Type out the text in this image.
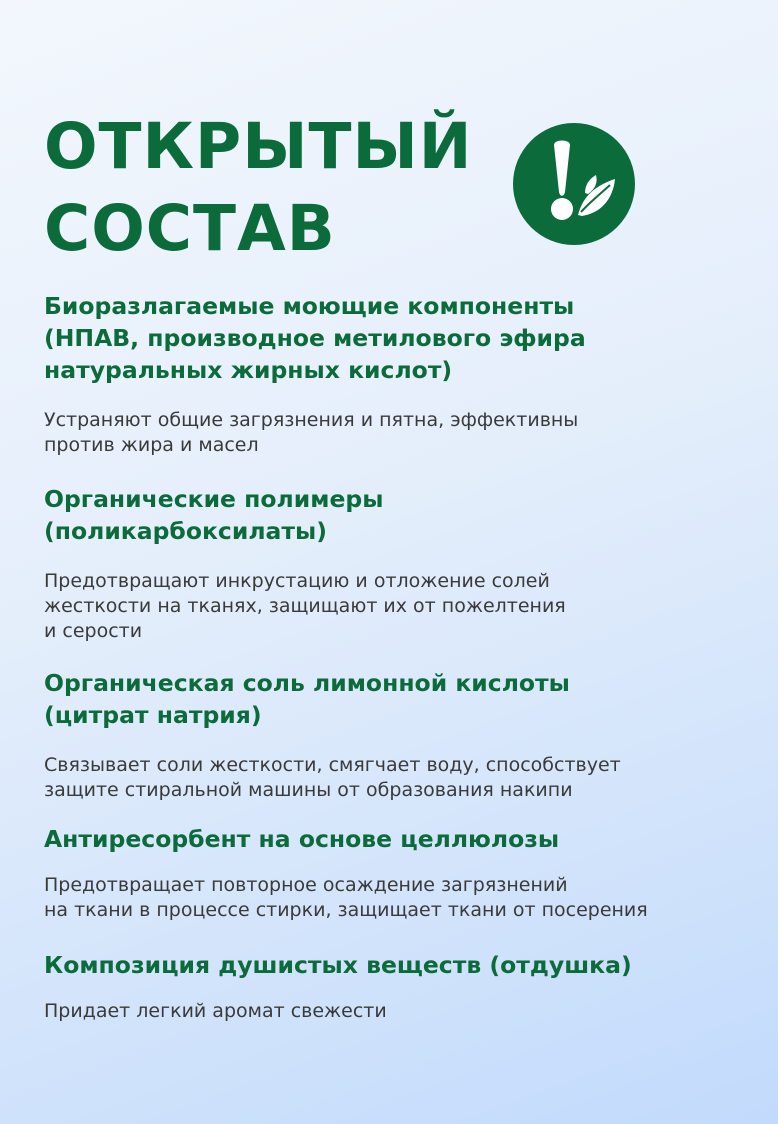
ОТКРЫТЫЙ
СОСТАВ
Биоразлагаемые моющие компоненты
(НПАВ, производное метилового эфира
натуральных жирных кислот)

Устраняют общие загрязнения и пятна, эффективны
против жира и масел

Органические полимеры
(поликарбоксилаты)

Предотвращают инкрустацию и отложение солей
жесткости на тканях, защищают их от пожелтения
и серости

Органическая соль лимонной кислоты
(цитрат натрия)

Связывает соли жесткости, смягчает воду, способствует
защите стиральной машины от образования накипи

Антиресорбент на основе целлюлозы

Предотвращает повторное осаждение загрязнений
на ткани в процессе стирки, защищает ткани от посерения

Композиция душистых веществ (отдушка)

Придает легкий аромат свежести
